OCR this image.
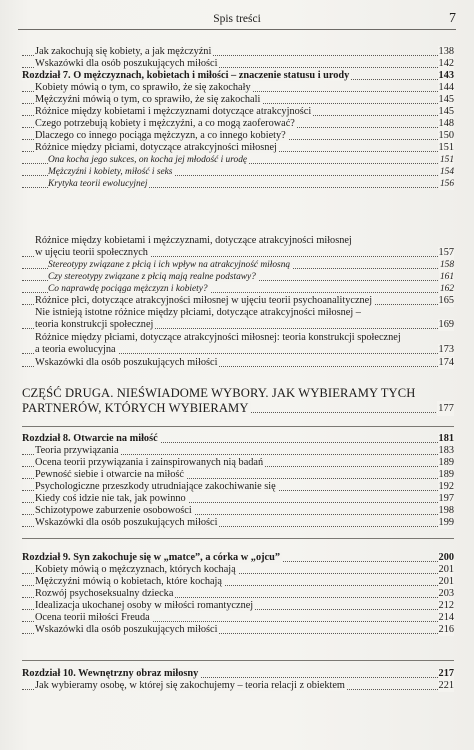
Spis treści	7
Jak zakochują się kobiety, a jak mężczyźni	138
Wskazówki dla osób poszukujących miłości	142
Rozdział 7. O mężczyznach, kobietach i miłości – znaczenie statusu i urody	143
Kobiety mówią o tym, co sprawiło, że się zakochały	144
Mężczyźni mówią o tym, co sprawiło, że się zakochali	145
Różnice między kobietami i mężczyznami dotyczące atrakcyjności	145
Czego potrzebują kobiety i mężczyźni, a co mogą zaoferować?	148
Dlaczego co innego pociąga mężczyzn, a co innego kobiety?	150
Różnice między płciami, dotyczące atrakcyjności miłosnej	151
Ona kocha jego sukces, on kocha jej młodość i urodę	151
Mężczyźni i kobiety, miłość i seks	154
Krytyka teorii ewolucyjnej	156
Różnice między kobietami i mężczyznami, dotyczące atrakcyjności miłosnej
w ujęciu teorii społecznych	157
Stereotypy związane z płcią i ich wpływ na atrakcyjność miłosną	158
Czy stereotypy związane z płcią mają realne podstawy?	161
Co naprawdę pociąga mężczyzn i kobiety?	162
Różnice płci, dotyczące atrakcyjności miłosnej w ujęciu teorii psychoanalitycznej	165
Nie istnieją istotne różnice między płciami, dotyczące atrakcyjności miłosnej –
teoria konstrukcji społecznej	169
Różnice między płciami, dotyczące atrakcyjności miłosnej: teoria konstrukcji społecznej
a teoria ewolucyjna	173
Wskazówki dla osób poszukujących miłości	174
CZĘŚĆ DRUGA. NIEŚWIADOME WYBORY. JAK WYBIERAMY TYCH
PARTNERÓW, KTÓRYCH WYBIERAMY	177
Rozdział 8. Otwarcie na miłość	181
Teoria przywiązania	183
Ocena teorii przywiązania i zainspirowanych nią badań	189
Pewność siebie i otwarcie na miłość	189
Psychologiczne przeszkody utrudniające zakochiwanie się	192
Kiedy coś idzie nie tak, jak powinno	197
Schizotypowe zaburzenie osobowości	198
Wskazówki dla osób poszukujących miłości	199
Rozdział 9. Syn zakochuje się w „matce”, a córka w „ojcu”	200
Kobiety mówią o mężczyznach, których kochają	201
Mężczyźni mówią o kobietach, które kochają	201
Rozwój psychoseksualny dziecka	203
Idealizacja ukochanej osoby w miłości romantycznej	212
Ocena teorii miłości Freuda	214
Wskazówki dla osób poszukujących miłości	216
Rozdział 10. Wewnętrzny obraz miłosny	217
Jak wybieramy osobę, w której się zakochujemy – teoria relacji z obiektem	221
